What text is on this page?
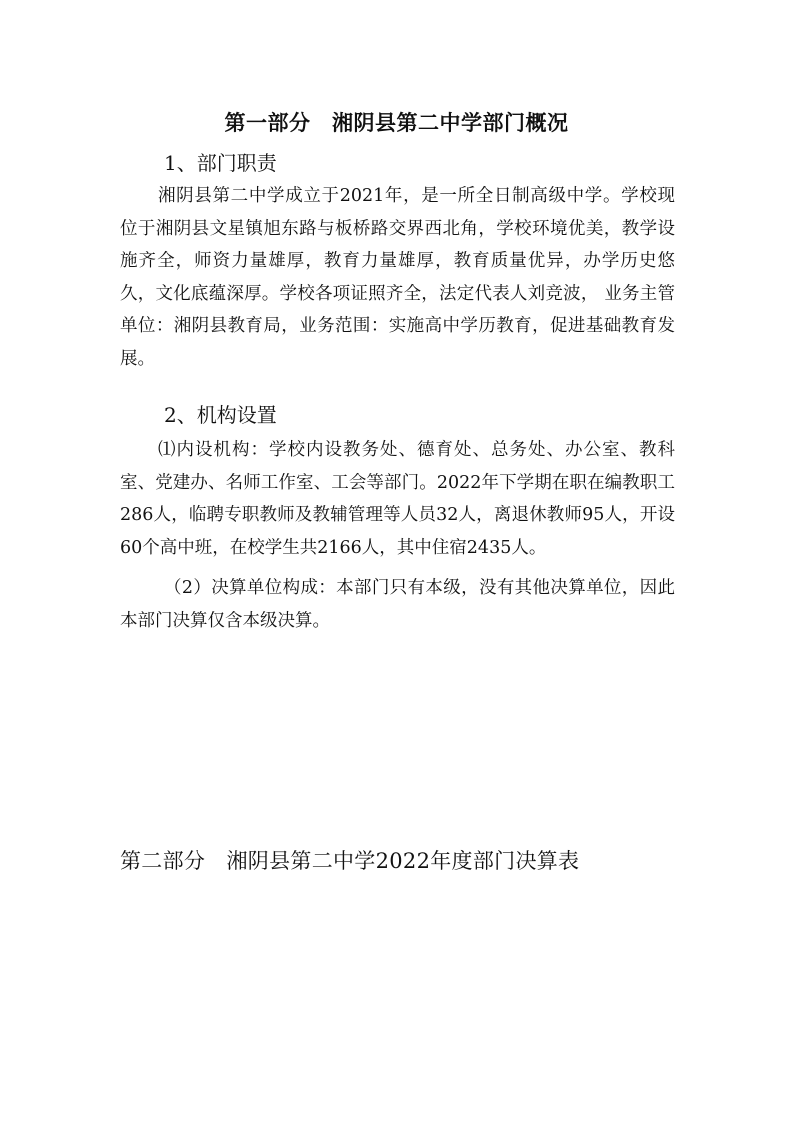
第一部分　湘阴县第二中学部门概况
1、部门职责

湘阴县第二中学成立于2021年，是一所全日制高级中学。学校现位于湘阴县文星镇旭东路与板桥路交界西北角，学校环境优美，教学设施齐全，师资力量雄厚，教育力量雄厚，教育质量优异，办学历史悠久，文化底蕴深厚。学校各项证照齐全，法定代表人刘竞波， 业务主管单位：湘阴县教育局，业务范围：实施高中学历教育，促进基础教育发展。

2、机构设置

⑴内设机构：学校内设教务处、德育处、总务处、办公室、教科室、党建办、名师工作室、工会等部门。2022年下学期在职在编教职工286人，临聘专职教师及教辅管理等人员32人，离退休教师95人，开设60个高中班，在校学生共2166人，其中住宿2435人。

（2）决算单位构成：本部门只有本级，没有其他决算单位，因此本部门决算仅含本级决算。

第二部分　湘阴县第二中学2022年度部门决算表
